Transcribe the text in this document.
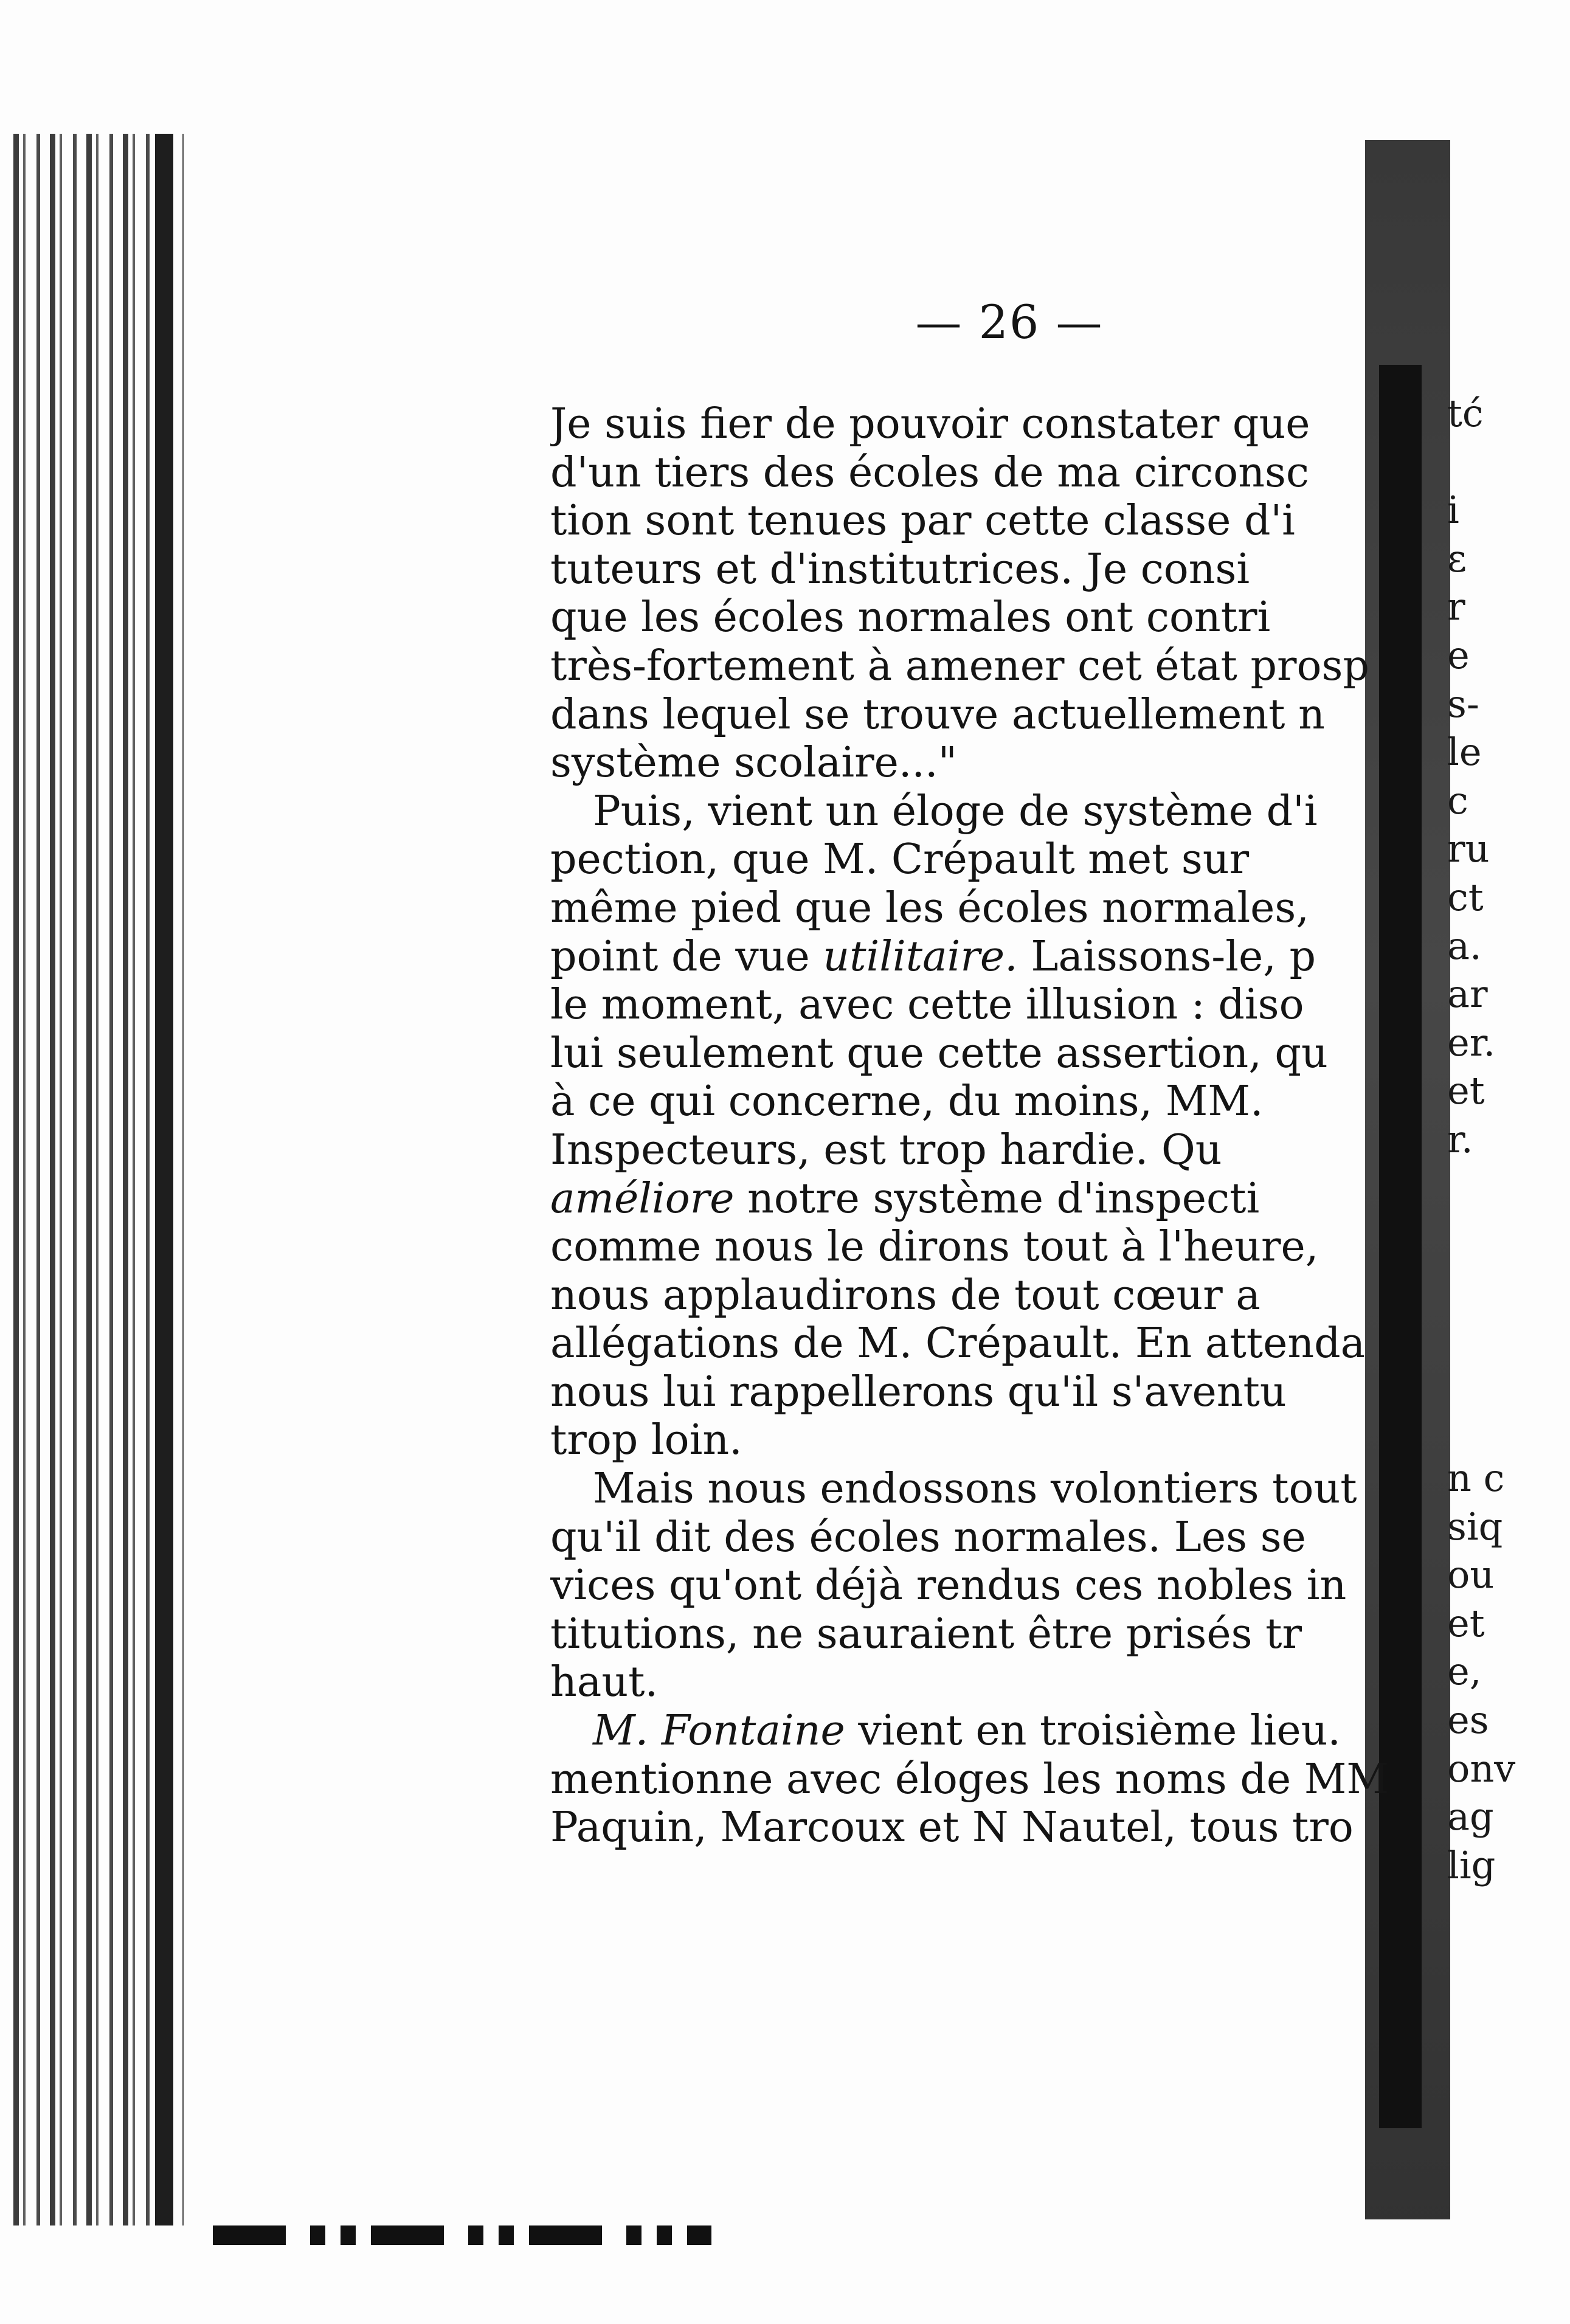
— 26 —
Je suis fier de pouvoir constater que
d'un tiers des écoles de ma circonsc
tion sont tenues par cette classe d'i
tuteurs et d'institutrices. Je consi
que les écoles normales ont contri
très-fortement à amener cet état prosp
dans lequel se trouve actuellement n
système scolaire..."
Puis, vient un éloge de système d'i
pection, que M. Crépault met sur
même pied que les écoles normales,
point de vue utilitaire. Laissons-le, p
le moment, avec cette illusion : diso
lui seulement que cette assertion, qu
à ce qui concerne, du moins, MM.
Inspecteurs, est trop hardie. Qu
améliore notre système d'inspecti
comme nous le dirons tout à l'heure,
nous applaudirons de tout cœur a
allégations de M. Crépault. En attenda
nous lui rappellerons qu'il s'aventu
trop loin.
Mais nous endossons volontiers tout
qu'il dit des écoles normales. Les se
vices qu'ont déjà rendus ces nobles in
titutions, ne sauraient être prisés tr
haut.
M. Fontaine vient en troisième lieu.
mentionne avec éloges les noms de MM
Paquin, Marcoux et N Nautel, tous tro
tć
i
ɛ
r
e
s-
le
c
ru
ct
a.
ar
er.
et
r.
n c
siq
ou
et
e,
es
onv
ag
lig
